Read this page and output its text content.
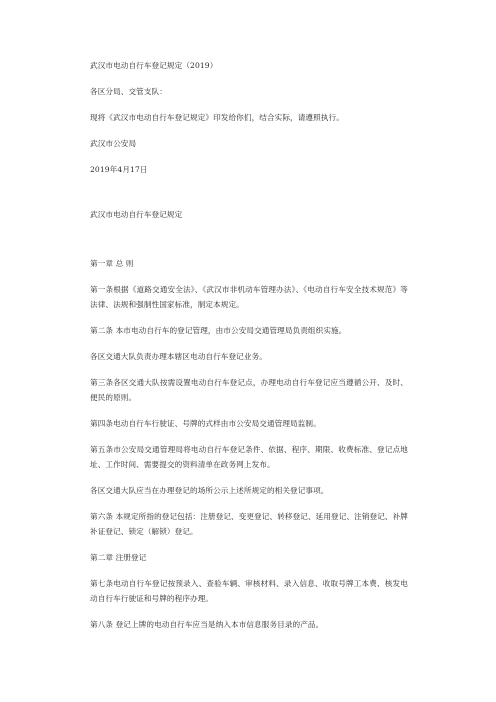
武汉市电动自行车登记规定（2019）

各区分局、交管支队：

现将《武汉市电动自行车登记规定》印发给你们，结合实际，请遵照执行。

武汉市公安局

2019年4月17日

武汉市电动自行车登记规定

第一章 总 则

第一条根据《道路交通安全法》、《武汉市非机动车管理办法》、《电动自行车安全技术规范》等法律、法规和强制性国家标准，制定本规定。

第二条 本市电动自行车的登记管理，由市公安局交通管理局负责组织实施。

各区交通大队负责办理本辖区电动自行车登记业务。

第三条各区交通大队按需设置电动自行车登记点，办理电动自行车登记应当遵循公开、及时、便民的原则。

第四条电动自行车行驶证、号牌的式样由市公安局交通管理局监制。

第五条市公安局交通管理局将电动自行车登记条件、依据、程序、期限、收费标准、登记点地址、工作时间、需要提交的资料清单在政务网上发布。

各区交通大队应当在办理登记的场所公示上述所规定的相关登记事项。

第六条 本规定所指的登记包括：注册登记、变更登记、转移登记、延用登记、注销登记、补牌补证登记、锁定（解锁）登记。

第二章 注册登记

第七条电动自行车登记按预录入、查验车辆、审核材料、录入信息、收取号牌工本费、核发电动自行车行驶证和号牌的程序办理。

第八条 登记上牌的电动自行车应当是纳入本市信息服务目录的产品。
